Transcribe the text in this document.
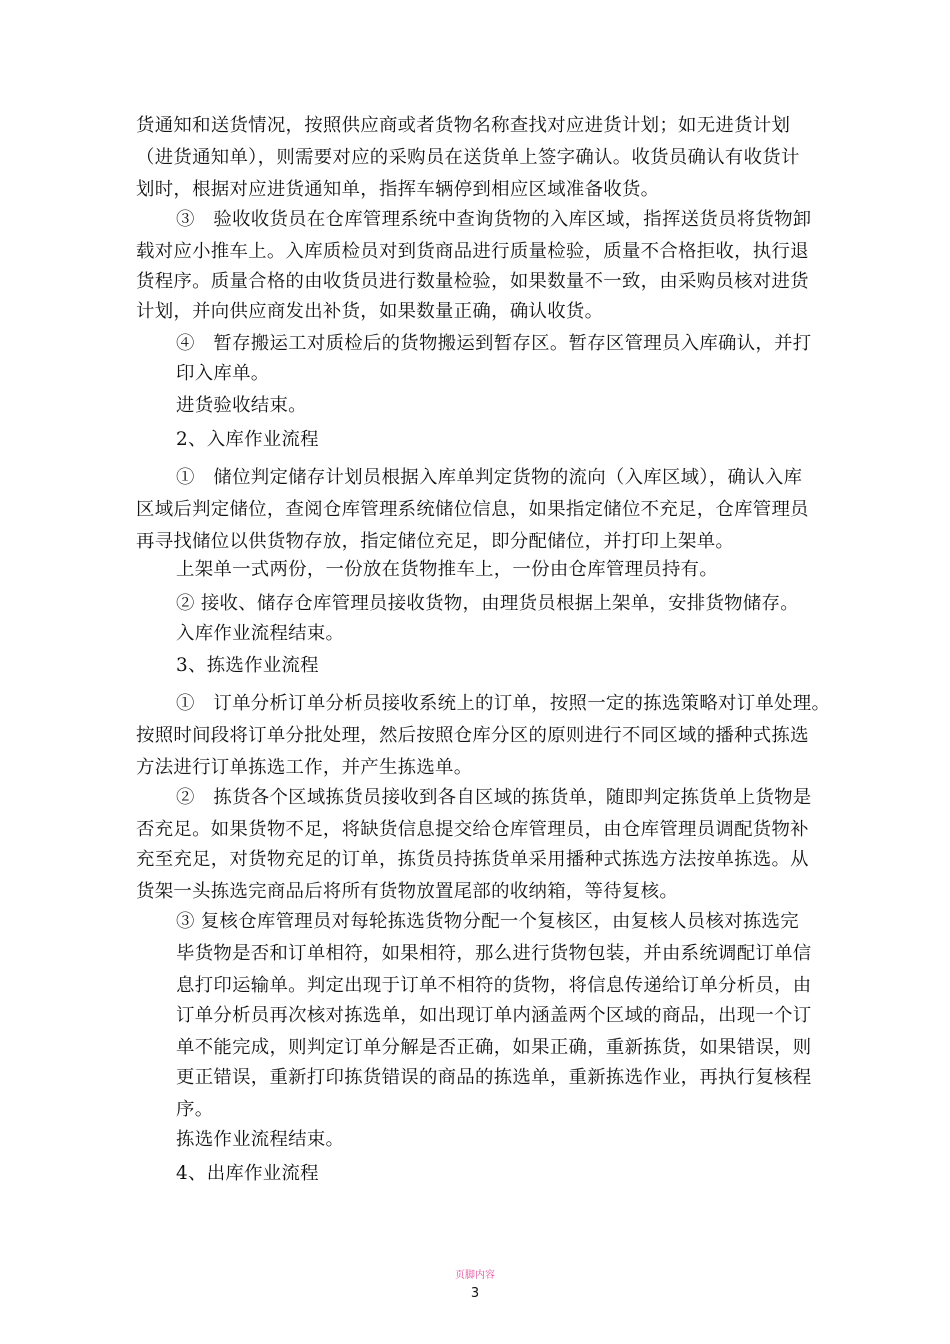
货通知和送货情况，按照供应商或者货物名称查找对应进货计划；如无进货计划
（进货通知单），则需要对应的采购员在送货单上签字确认。收货员确认有收货计
划时，根据对应进货通知单，指挥车辆停到相应区域准备收货。
③　验收收货员在仓库管理系统中查询货物的入库区域，指挥送货员将货物卸
载对应小推车上。入库质检员对到货商品进行质量检验，质量不合格拒收，执行退
货程序。质量合格的由收货员进行数量检验，如果数量不一致，由采购员核对进货
计划，并向供应商发出补货，如果数量正确，确认收货。
④　暂存搬运工对质检后的货物搬运到暂存区。暂存区管理员入库确认，并打
印入库单。
进货验收结束。
2、入库作业流程
①　储位判定储存计划员根据入库单判定货物的流向（入库区域），确认入库
区域后判定储位，查阅仓库管理系统储位信息，如果指定储位不充足，仓库管理员
再寻找储位以供货物存放，指定储位充足，即分配储位，并打印上架单。
上架单一式两份，一份放在货物推车上，一份由仓库管理员持有。
② 接收、储存仓库管理员接收货物，由理货员根据上架单，安排货物储存。
入库作业流程结束。
3、拣选作业流程
①　订单分析订单分析员接收系统上的订单，按照一定的拣选策略对订单处理。
按照时间段将订单分批处理，然后按照仓库分区的原则进行不同区域的播种式拣选
方法进行订单拣选工作，并产生拣选单。
②　拣货各个区域拣货员接收到各自区域的拣货单，随即判定拣货单上货物是
否充足。如果货物不足，将缺货信息提交给仓库管理员，由仓库管理员调配货物补
充至充足，对货物充足的订单，拣货员持拣货单采用播种式拣选方法按单拣选。从
货架一头拣选完商品后将所有货物放置尾部的收纳箱，等待复核。
③ 复核仓库管理员对每轮拣选货物分配一个复核区，由复核人员核对拣选完
毕货物是否和订单相符，如果相符，那么进行货物包装，并由系统调配订单信
息打印运输单。判定出现于订单不相符的货物，将信息传递给订单分析员，由
订单分析员再次核对拣选单，如出现订单内涵盖两个区域的商品，出现一个订
单不能完成，则判定订单分解是否正确，如果正确，重新拣货，如果错误，则
更正错误，重新打印拣货错误的商品的拣选单，重新拣选作业，再执行复核程
序。
拣选作业流程结束。
4、出库作业流程
页脚内容
3
